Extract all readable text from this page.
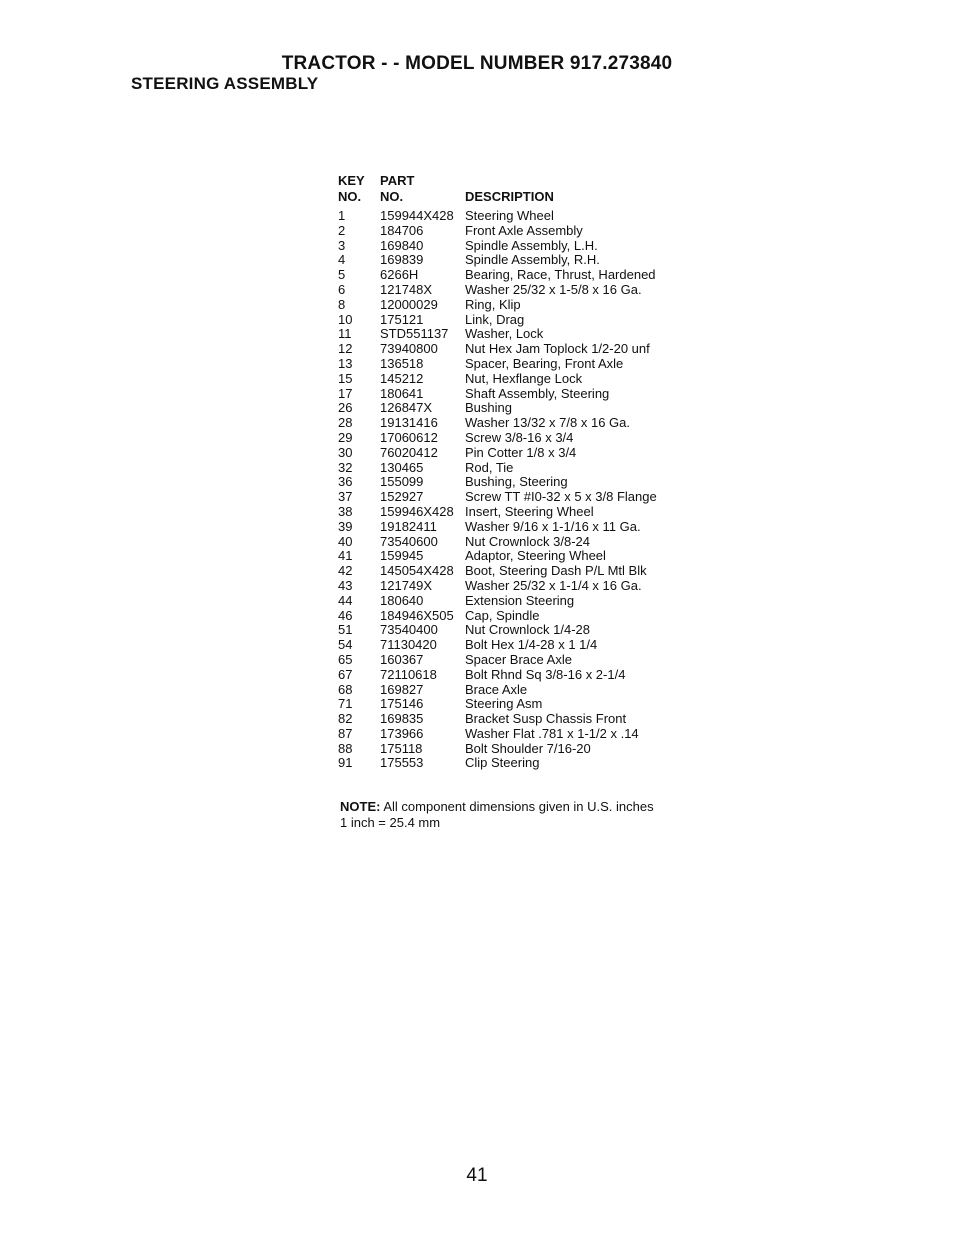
TRACTOR - - MODEL NUMBER 917.273840
STEERING ASSEMBLY
KEY	PART	
NO.	NO.	DESCRIPTION

1	159944X428	Steering Wheel
2	184706	Front Axle Assembly
3	169840	Spindle Assembly, L.H.
4	169839	Spindle Assembly, R.H.
5	6266H	Bearing, Race, Thrust, Hardened
6	121748X	Washer 25/32 x 1-5/8 x 16 Ga.
8	12000029	Ring, Klip
10	175121	Link, Drag
11	STD551137	Washer, Lock
12	73940800	Nut Hex Jam Toplock 1/2-20 unf
13	136518	Spacer, Bearing, Front Axle
15	145212	Nut, Hexflange Lock
17	180641	Shaft Assembly, Steering
26	126847X	Bushing
28	19131416	Washer 13/32 x 7/8 x 16 Ga.
29	17060612	Screw 3/8-16 x 3/4
30	76020412	Pin Cotter 1/8 x 3/4
32	130465	Rod, Tie
36	155099	Bushing, Steering
37	152927	Screw TT #I0-32 x 5 x 3/8 Flange
38	159946X428	Insert, Steering Wheel
39	19182411	Washer 9/16 x 1-1/16 x 11 Ga.
40	73540600	Nut Crownlock 3/8-24
41	159945	Adaptor, Steering Wheel
42	145054X428	Boot, Steering Dash P/L Mtl Blk
43	121749X	Washer 25/32 x 1-1/4 x 16 Ga.
44	180640	Extension Steering
46	184946X505	Cap, Spindle
51	73540400	Nut Crownlock 1/4-28
54	71130420	Bolt Hex 1/4-28 x 1 1/4
65	160367	Spacer Brace Axle
67	72110618	Bolt Rhnd Sq 3/8-16 x 2-1/4
68	169827	Brace Axle
71	175146	Steering Asm
82	169835	Bracket Susp Chassis Front
87	173966	Washer Flat .781 x 1-1/2 x .14
88	175118	Bolt Shoulder 7/16-20
91	175553	Clip Steering
NOTE: All component dimensions given in U.S. inches
1 inch = 25.4 mm
41
